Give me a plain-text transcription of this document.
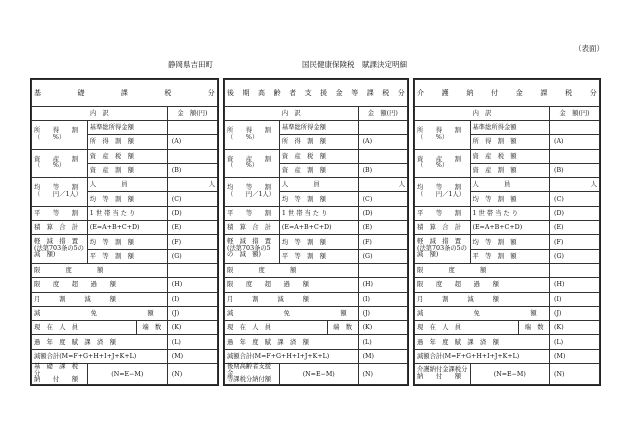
（表面）
静岡県吉田町	国民健康保険税　賦課決定明細
基　　礎　　課　　税　　分		
内　訳		金　額(円)
所　　得　　割
（　　%）	基準総所得金額	
	所　得　割　額	(A)
資　　産　　割
（　　%）	資　産　税　額	
	資　産　割　額	(B)
均　　等　　割
（　　円／1人）	人　　　　員	人
	均　等　割　額	(C)
平　　等　　割	1 世 帯 当 た り	(D)
積　算　合　計	(E=A+B+C+D)	(E)
軽　減　措　置
(法第703条の5の　減　額)	均　等　割　額	(F)
	平　等　割　額	(G)
限　　　　度　　　　額		
限　　度　　超　　過　　額		(H)
月　　　割　　　減　　　額		(I)
減　　　　　　　　免　　　　　　　　額		(J)
現　在　人　員 端　数		(K)
過　年　度　賦　課　済　額		(L)
減額合計(M=F+G+H+I+J+K+L)		(M)
基　礎　課　税　分
納　　付　　額	(N=E−M)	(N)
後　期　高　齢　者　支　援　金　等　課　税　分		
内　訳		金　額(円)
所　　得　　割
（　　%）	基準総所得金額	
	所　得　割　額	(A)
資　　産　　割
（　　%）	資　産　税　額	
	資　産　割　額	(B)
均　　等　　割
（　　円／1人）	人　　　　員	人
	均　等　割　額	(C)
平　　等　　割	1 世 帯 当 た り	(D)
積　算　合　計	(E=A+B+C+D)	(E)
軽　減　措　置
(法第703条の5の　減　額)	均　等　割　額	(F)
	平　等　割　額	(G)
限　　　　度　　　　額		
限　　度　　超　　過　　額		(H)
月　　　割　　　減　　　額		(I)
減　　　　　　　　免　　　　　　　　額		(J)
現　在　人　員 端　数		(K)
過　年　度　賦　課　済　額		(L)
減額合計(M=F+G+H+I+J+K+L)		(M)
後期高齢者支援金
等課税分納付額	(N=E−M)	(N)
介　　護　　納　　付　　金　　課　　税　　分		
内　訳		金　額(円)
所　　得　　割
（　　%）	基準総所得金額	
	所　得　割　額	(A)
資　　産　　割
（　　%）	資　産　税　額	
	資　産　割　額	(B)
均　　等　　割
（　　円／1人）	人　　　　員	人
	均　等　割　額	(C)
平　　等　　割	1 世 帯 当 た り	(D)
積　算　合　計	(E=A+B+C+D)	(E)
軽　減　措　置
(法第703条の5の　減　額)	均　等　割　額	(F)
	平　等　割　額	(G)
限　　　　度　　　　額		
限　　度　　超　　過　　額		(H)
月　　　割　　　減　　　額		(I)
減　　　　　　　　免　　　　　　　　額		(J)
現　在　人　員 端　数		(K)
過　年　度　賦　課　済　額		(L)
減額合計(M=F+G+H+I+J+K+L)		(M)
介護納付金課税分
納　　付　　額	(N=E−M)	(N)
